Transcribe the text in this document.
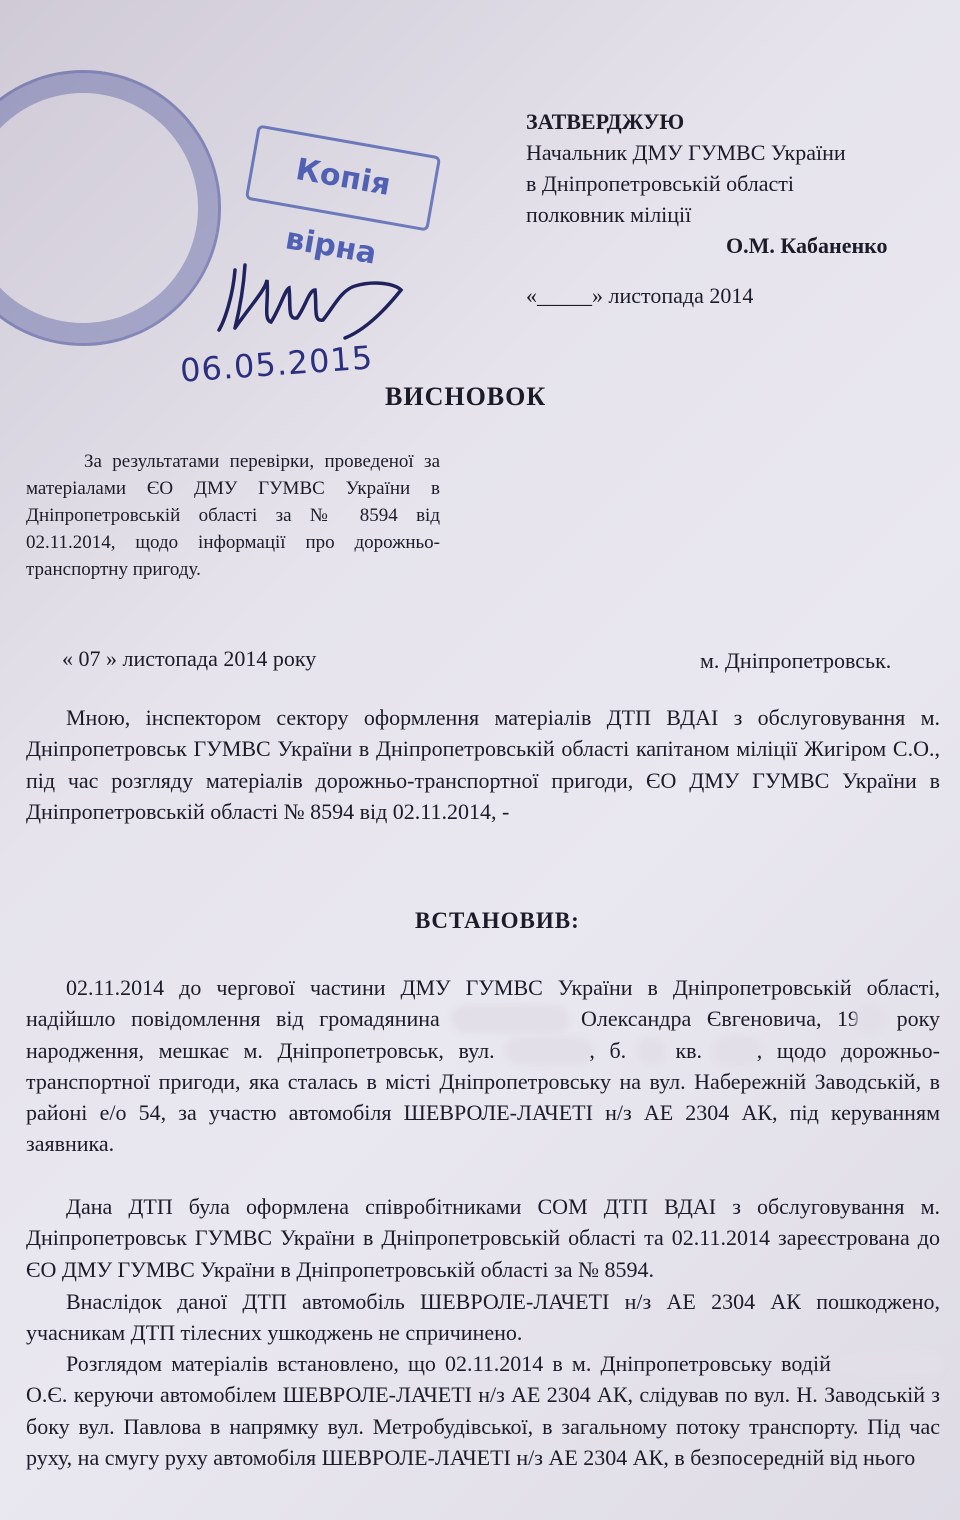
Копія вірна
06.05.2015
ЗАТВЕРДЖУЮ
Начальник ДМУ ГУМВС України
в Дніпропетровській області
полковник міліції
О.М. Кабаненко
«_____» листопада 2014
ВИСНОВОК
За результатами перевірки, проведеної за матеріалами ЄО ДМУ ГУМВС України в Дніпропетровській області за № 8594 від 02.11.2014, щодо інформації про дорожньо-транспортну пригоду.
« 07 » листопада 2014 року	м. Дніпропетровськ.
Мною, інспектором сектору оформлення матеріалів ДТП ВДАІ з обслуговування м. Дніпропетровськ ГУМВС України в Дніпропетровській області капітаном міліції Жигіром С.О., під час розгляду матеріалів дорожньо-транспортної пригоди, ЄО ДМУ ГУМВС України в Дніпропетровській області № 8594 від 02.11.2014, -
ВСТАНОВИВ:
02.11.2014 до чергової частини ДМУ ГУМВС України в Дніпропетровській області, надійшло повідомлення від громадянина	Олександра Євгеновича, 19 року народження, мешкає м. Дніпропетровськ, вул.	, б. кв. , щодо дорожньо-транспортної пригоди, яка сталась в місті Дніпропетровську на вул. Набережній Заводській, в районі е/о 54, за участю автомобіля ШЕВРОЛЕ-ЛАЧЕТІ н/з АЕ 2304 АК, під керуванням заявника.
Дана ДТП була оформлена співробітниками СОМ ДТП ВДАІ з обслуговування м. Дніпропетровськ ГУМВС України в Дніпропетровській області та 02.11.2014 зареєстрована до ЄО ДМУ ГУМВС України в Дніпропетровській області за № 8594.
Внаслідок даної ДТП автомобіль ШЕВРОЛЕ-ЛАЧЕТІ н/з АЕ 2304 АК пошкоджено, учасникам ДТП тілесних ушкоджень не спричинено.
Розглядом матеріалів встановлено, що 02.11.2014 в м. Дніпропетровську водій  О.Є. керуючи автомобілем ШЕВРОЛЕ-ЛАЧЕТІ н/з АЕ 2304 АК, слідував по вул. Н. Заводській з боку вул. Павлова в напрямку вул. Метробудівської, в загальному потоку транспорту. Під час руху, на смугу руху автомобіля ШЕВРОЛЕ-ЛАЧЕТІ н/з АЕ 2304 АК, в безпосередній від нього
